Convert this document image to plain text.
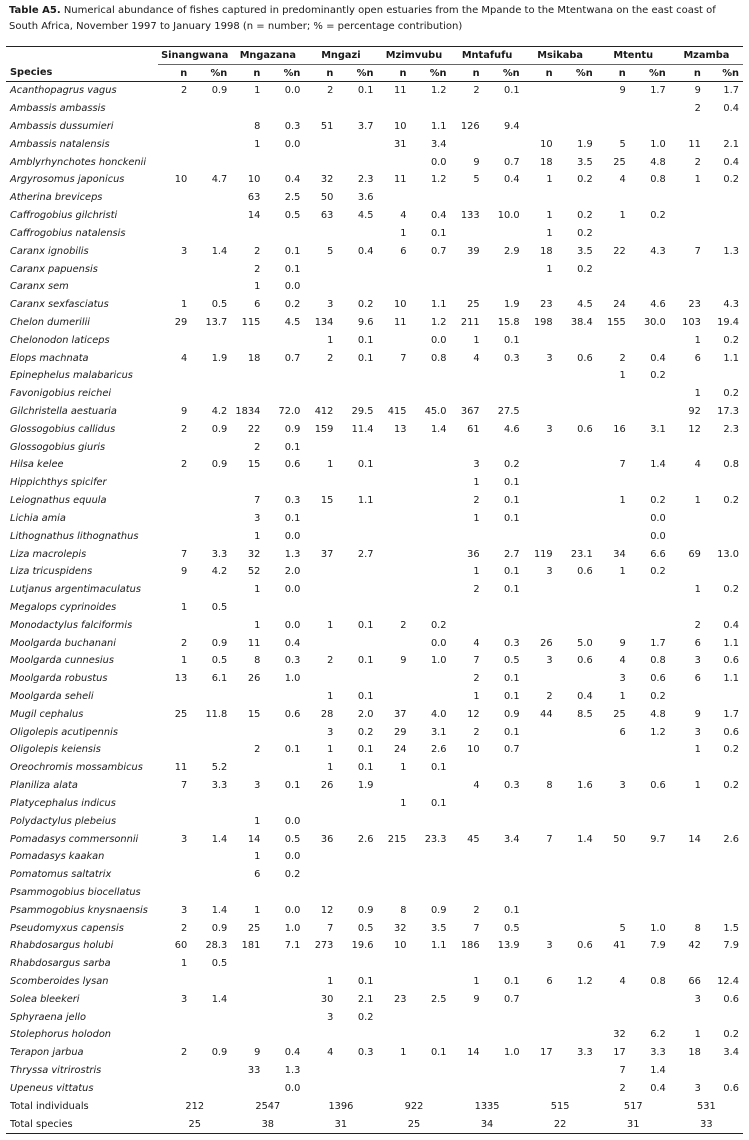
Table A5. Numerical abundance of fishes captured in predominantly open estuaries from the Mpande to the Mtentwana on the east coast of South Africa, November 1997 to January 1998 (n = number; % = percentage contribution)
	Sinangwana		Mngazana		Mngazi		Mzimvubu		Mntafufu		Msikaba		Mtentu		Mzamba	
Species	n	%n	n	%n	n	%n	n	%n	n	%n	n	%n	n	%n	n	%n
Acanthopagrus vagus	2	0.9	1	0.0	2	0.1	11	1.2	2	0.1			9	1.7	9	1.7
Ambassis ambassis															2	0.4
Ambassis dussumieri			8	0.3	51	3.7	10	1.1	126	9.4						
Ambassis natalensis			1	0.0			31	3.4			10	1.9	5	1.0	11	2.1
Amblyrhynchotes honckenii								0.0	9	0.7	18	3.5	25	4.8	2	0.4
Argyrosomus japonicus	10	4.7	10	0.4	32	2.3	11	1.2	5	0.4	1	0.2	4	0.8	1	0.2
Atherina breviceps			63	2.5	50	3.6										
Caffrogobius gilchristi			14	0.5	63	4.5	4	0.4	133	10.0	1	0.2	1	0.2		
Caffrogobius natalensis							1	0.1			1	0.2				
Caranx ignobilis	3	1.4	2	0.1	5	0.4	6	0.7	39	2.9	18	3.5	22	4.3	7	1.3
Caranx papuensis			2	0.1							1	0.2				
Caranx sem			1	0.0												
Caranx sexfasciatus	1	0.5	6	0.2	3	0.2	10	1.1	25	1.9	23	4.5	24	4.6	23	4.3
Chelon dumerilii	29	13.7	115	4.5	134	9.6	11	1.2	211	15.8	198	38.4	155	30.0	103	19.4
Chelonodon laticeps					1	0.1		0.0	1	0.1					1	0.2
Elops machnata	4	1.9	18	0.7	2	0.1	7	0.8	4	0.3	3	0.6	2	0.4	6	1.1
Epinephelus malabaricus													1	0.2		
Favonigobius reichei															1	0.2
Gilchristella aestuaria	9	4.2	1834	72.0	412	29.5	415	45.0	367	27.5					92	17.3
Glossogobius callidus	2	0.9	22	0.9	159	11.4	13	1.4	61	4.6	3	0.6	16	3.1	12	2.3
Glossogobius giuris			2	0.1												
Hilsa kelee	2	0.9	15	0.6	1	0.1			3	0.2			7	1.4	4	0.8
Hippichthys spicifer									1	0.1						
Leiognathus equula			7	0.3	15	1.1			2	0.1			1	0.2	1	0.2
Lichia amia			3	0.1					1	0.1				0.0		
Lithognathus lithognathus			1	0.0										0.0		
Liza macrolepis	7	3.3	32	1.3	37	2.7			36	2.7	119	23.1	34	6.6	69	13.0
Liza tricuspidens	9	4.2	52	2.0					1	0.1	3	0.6	1	0.2		
Lutjanus argentimaculatus			1	0.0					2	0.1					1	0.2
Megalops cyprinoides	1	0.5														
Monodactylus falciformis			1	0.0	1	0.1	2	0.2							2	0.4
Moolgarda buchanani	2	0.9	11	0.4				0.0	4	0.3	26	5.0	9	1.7	6	1.1
Moolgarda cunnesius	1	0.5	8	0.3	2	0.1	9	1.0	7	0.5	3	0.6	4	0.8	3	0.6
Moolgarda robustus	13	6.1	26	1.0					2	0.1			3	0.6	6	1.1
Moolgarda seheli					1	0.1			1	0.1	2	0.4	1	0.2		
Mugil cephalus	25	11.8	15	0.6	28	2.0	37	4.0	12	0.9	44	8.5	25	4.8	9	1.7
Oligolepis acutipennis					3	0.2	29	3.1	2	0.1			6	1.2	3	0.6
Oligolepis keiensis			2	0.1	1	0.1	24	2.6	10	0.7					1	0.2
Oreochromis mossambicus	11	5.2			1	0.1	1	0.1								
Planiliza alata	7	3.3	3	0.1	26	1.9			4	0.3	8	1.6	3	0.6	1	0.2
Platycephalus indicus							1	0.1								
Polydactylus plebeius			1	0.0												
Pomadasys commersonnii	3	1.4	14	0.5	36	2.6	215	23.3	45	3.4	7	1.4	50	9.7	14	2.6
Pomadasys kaakan			1	0.0												
Pomatomus saltatrix			6	0.2												
Psammogobius biocellatus																
Psammogobius knysnaensis	3	1.4	1	0.0	12	0.9	8	0.9	2	0.1						
Pseudomyxus capensis	2	0.9	25	1.0	7	0.5	32	3.5	7	0.5			5	1.0	8	1.5
Rhabdosargus holubi	60	28.3	181	7.1	273	19.6	10	1.1	186	13.9	3	0.6	41	7.9	42	7.9
Rhabdosargus sarba	1	0.5														
Scomberoides lysan					1	0.1			1	0.1	6	1.2	4	0.8	66	12.4
Solea bleekeri	3	1.4			30	2.1	23	2.5	9	0.7					3	0.6
Sphyraena jello					3	0.2										
Stolephorus holodon													32	6.2	1	0.2
Terapon jarbua	2	0.9	9	0.4	4	0.3	1	0.1	14	1.0	17	3.3	17	3.3	18	3.4
Thryssa vitrirostris			33	1.3									7	1.4		
Upeneus vittatus				0.0									2	0.4	3	0.6
Total individuals	212		2547		1396		922		1335		515		517		531	
Total species	25		38		31		25		34		22		31		33	
